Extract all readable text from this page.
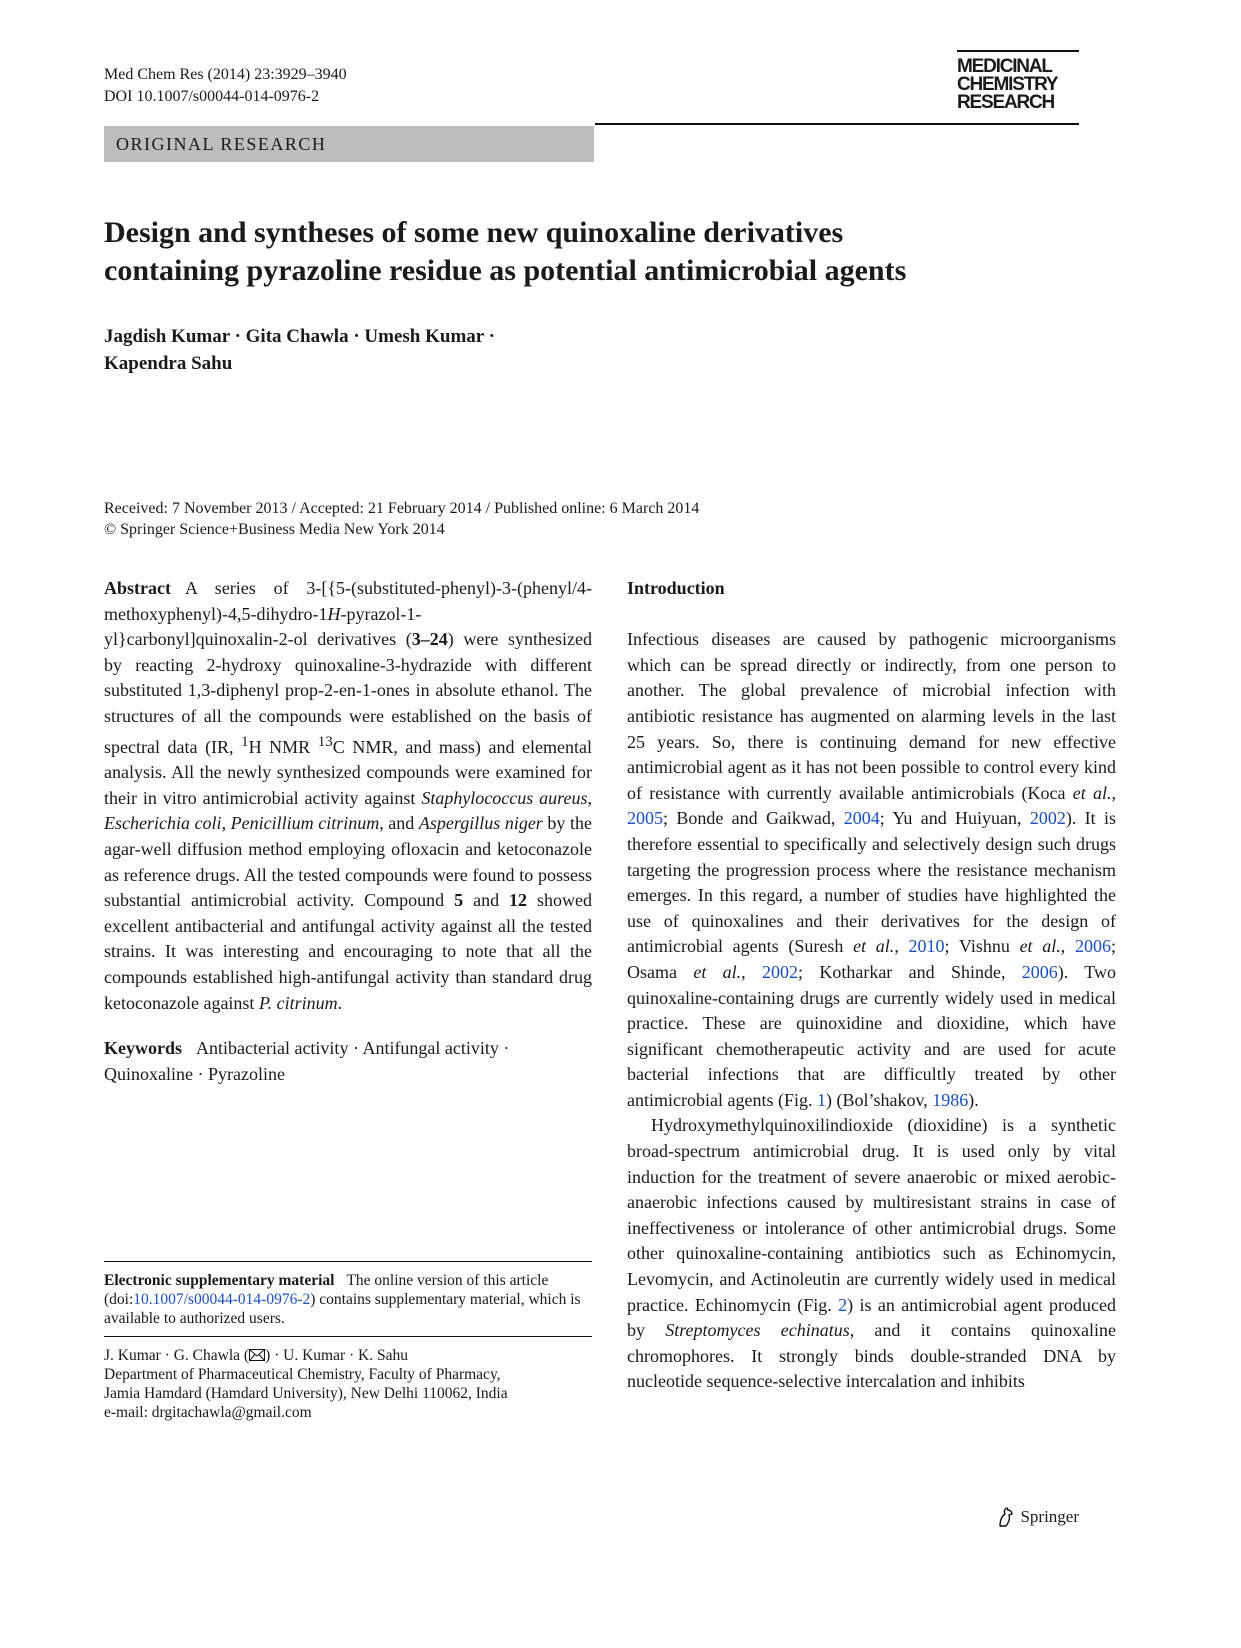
Med Chem Res (2014) 23:3929–3940
DOI 10.1007/s00044-014-0976-2
MEDICINAL
CHEMISTRY
RESEARCH
ORIGINAL RESEARCH
Design and syntheses of some new quinoxaline derivatives
containing pyrazoline residue as potential antimicrobial agents
Jagdish Kumar · Gita Chawla · Umesh Kumar ·
Kapendra Sahu
Received: 7 November 2013 / Accepted: 21 February 2014 / Published online: 6 March 2014
© Springer Science+Business Media New York 2014

Abstract A series of 3-[{5-(substituted-phenyl)-3-(phenyl/4-methoxyphenyl)-4,5-dihydro-1H-pyrazol-1-yl}carbonyl]quinoxalin-2-ol derivatives (3–24) were synthesized by reacting 2-hydroxy quinoxaline-3-hydrazide with different substituted 1,3-diphenyl prop-2-en-1-ones in absolute ethanol. The structures of all the compounds were established on the basis of spectral data (IR, $^1$H NMR $^{13}$C NMR, and mass) and elemental analysis. All the newly synthesized compounds were examined for their in vitro antimicrobial activity against Staphylococcus aureus, Escherichia coli, Penicillium citrinum, and Aspergillus niger by the agar-well diffusion method employing ofloxacin and ketoconazole as reference drugs. All the tested compounds were found to possess substantial antimicrobial activity. Compound 5 and 12 showed excellent antibacterial and antifungal activity against all the tested strains. It was interesting and encouraging to note that all the compounds established high-antifungal activity than standard drug ketoconazole against P. citrinum.

Keywords Antibacterial activity · Antifungal activity · Quinoxaline · Pyrazoline

Electronic supplementary material The online version of this article (doi:10.1007/s00044-014-0976-2) contains supplementary material, which is available to authorized users.
J. Kumar · G. Chawla ( ) · U. Kumar · K. Sahu
Department of Pharmaceutical Chemistry, Faculty of Pharmacy,
Jamia Hamdard (Hamdard University), New Delhi 110062, India
e-mail: drgitachawla@gmail.com
Introduction

Infectious diseases are caused by pathogenic microorganisms which can be spread directly or indirectly, from one person to another. The global prevalence of microbial infection with antibiotic resistance has augmented on alarming levels in the last 25 years. So, there is continuing demand for new effective antimicrobial agent as it has not been possible to control every kind of resistance with currently available antimicrobials (Koca et al., 2005; Bonde and Gaikwad, 2004; Yu and Huiyuan, 2002). It is therefore essential to specifically and selectively design such drugs targeting the progression process where the resistance mechanism emerges. In this regard, a number of studies have highlighted the use of quinoxalines and their derivatives for the design of antimicrobial agents (Suresh et al., 2010; Vishnu et al., 2006; Osama et al., 2002; Kotharkar and Shinde, 2006). Two quinoxaline-containing drugs are currently widely used in medical practice. These are quinoxidine and dioxidine, which have significant chemotherapeutic activity and are used for acute bacterial infections that are difficultly treated by other antimicrobial agents (Fig. 1) (Bol’shakov, 1986).

Hydroxymethylquinoxilindioxide (dioxidine) is a synthetic broad-spectrum antimicrobial drug. It is used only by vital induction for the treatment of severe anaerobic or mixed aerobic-anaerobic infections caused by multiresistant strains in case of ineffectiveness or intolerance of other antimicrobial drugs. Some other quinoxaline-containing antibiotics such as Echinomycin, Levomycin, and Actinoleutin are currently widely used in medical practice. Echinomycin (Fig. 2) is an antimicrobial agent produced by Streptomyces echinatus, and it contains quinoxaline chromophores. It strongly binds double-stranded DNA by nucleotide sequence-selective intercalation and inhibits

Springer
